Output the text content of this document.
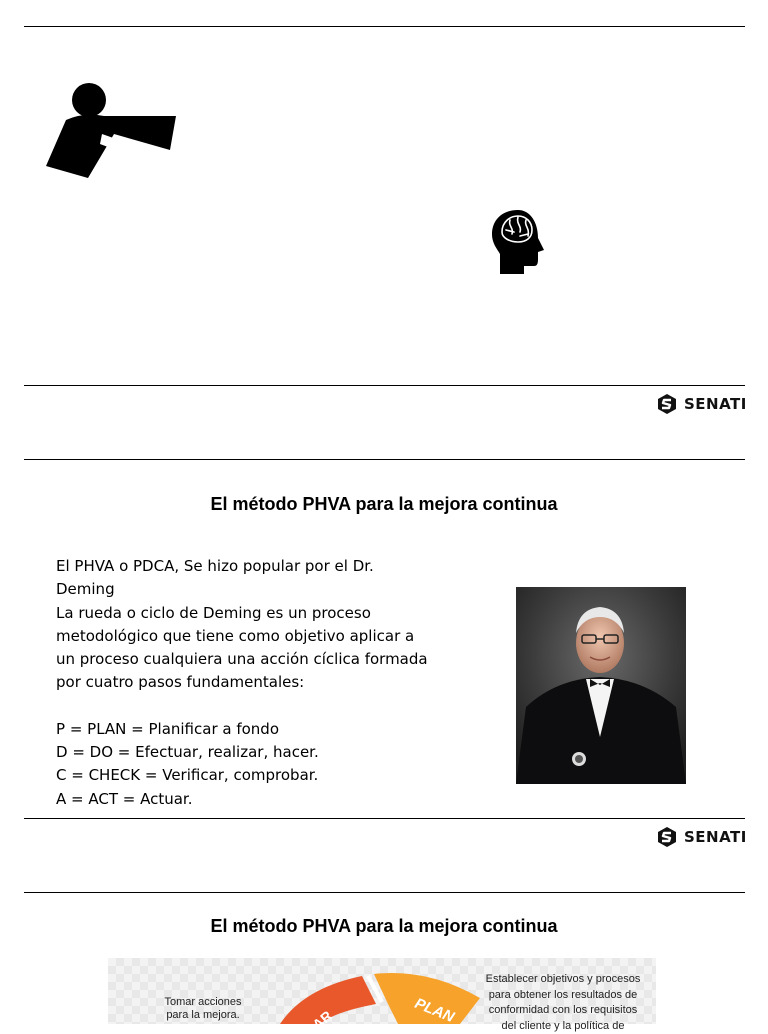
SENATI
El método PHVA para la mejora continua
El PHVA o PDCA, Se hizo popular por el Dr.
Deming
La rueda o ciclo de Deming es un proceso
metodológico que tiene como objetivo aplicar a
un proceso cualquiera una acción cíclica formada
por cuatro pasos fundamentales:
P = PLAN = Planificar a fondo
D = DO = Efectuar, realizar, hacer.
C = CHECK = Verificar, comprobar.
A = ACT = Actuar.
SENATI
El método PHVA para la mejora continua
AR	PLAN
Tomar acciones
para la mejora.
Establecer objetivos y procesos
para obtener los resultados de
conformidad con los requisitos
del cliente y la política de
